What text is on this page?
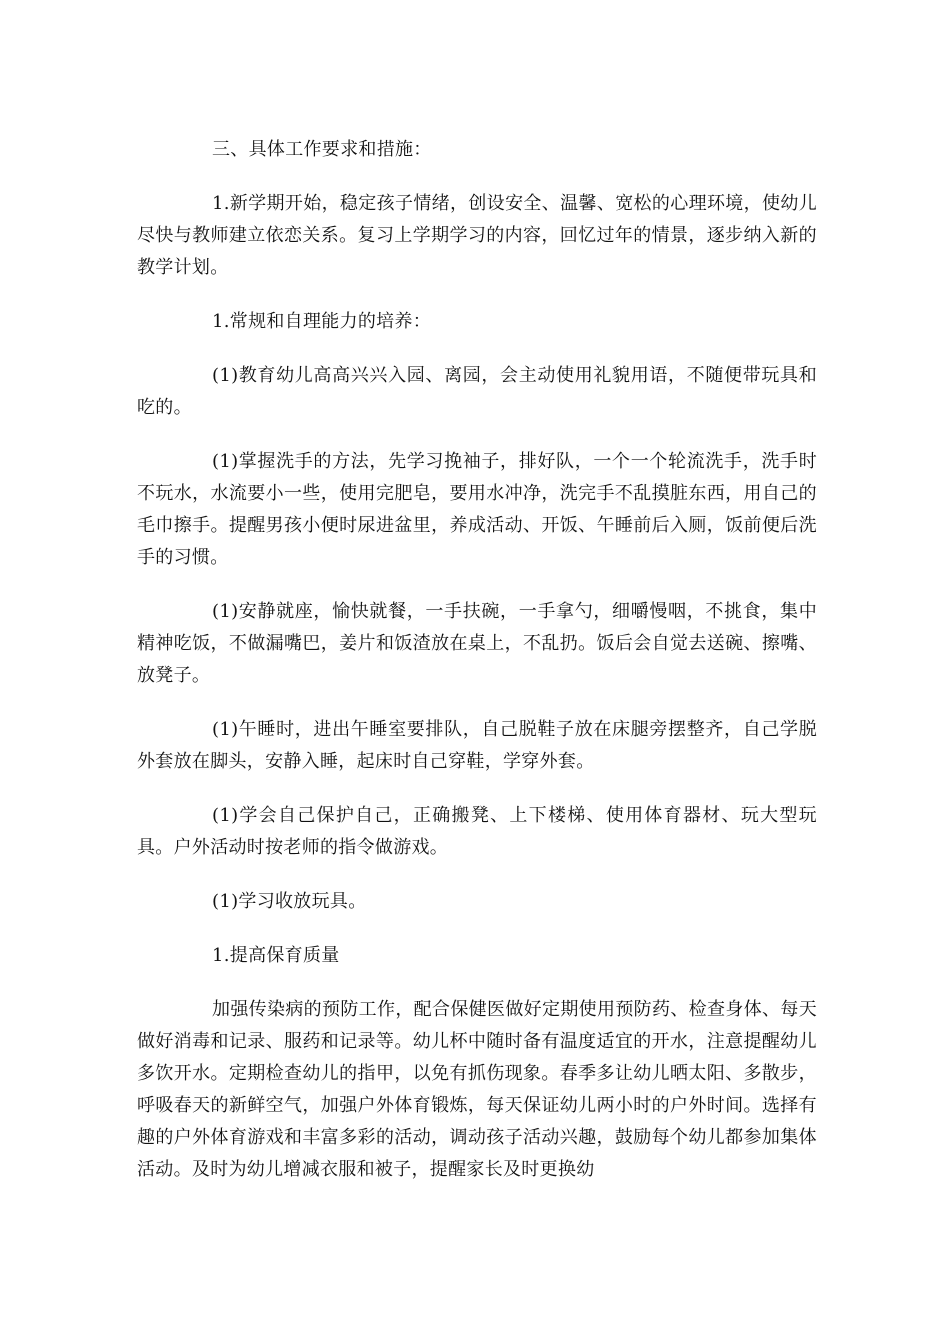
三、具体工作要求和措施：

1.新学期开始，稳定孩子情绪，创设安全、温馨、宽松的心理环境，使幼儿尽快与教师建立依恋关系。复习上学期学习的内容，回忆过年的情景，逐步纳入新的教学计划。

1.常规和自理能力的培养：

(1)教育幼儿高高兴兴入园、离园，会主动使用礼貌用语，不随便带玩具和吃的。

(1)掌握洗手的方法，先学习挽袖子，排好队，一个一个轮流洗手，洗手时不玩水，水流要小一些，使用完肥皂，要用水冲净，洗完手不乱摸脏东西，用自己的毛巾擦手。提醒男孩小便时尿进盆里，养成活动、开饭、午睡前后入厕，饭前便后洗手的习惯。

(1)安静就座，愉快就餐，一手扶碗，一手拿勺，细嚼慢咽，不挑食，集中精神吃饭，不做漏嘴巴，姜片和饭渣放在桌上，不乱扔。饭后会自觉去送碗、擦嘴、放凳子。

(1)午睡时，进出午睡室要排队，自己脱鞋子放在床腿旁摆整齐，自己学脱外套放在脚头，安静入睡，起床时自己穿鞋，学穿外套。

(1)学会自己保护自己，正确搬凳、上下楼梯、使用体育器材、玩大型玩具。户外活动时按老师的指令做游戏。

(1)学习收放玩具。

1.提高保育质量

加强传染病的预防工作，配合保健医做好定期使用预防药、检查身体、每天做好消毒和记录、服药和记录等。幼儿杯中随时备有温度适宜的开水，注意提醒幼儿多饮开水。定期检查幼儿的指甲，以免有抓伤现象。春季多让幼儿晒太阳、多散步，呼吸春天的新鲜空气，加强户外体育锻炼，每天保证幼儿两小时的户外时间。选择有趣的户外体育游戏和丰富多彩的活动，调动孩子活动兴趣，鼓励每个幼儿都参加集体活动。及时为幼儿增减衣服和被子，提醒家长及时更换幼
